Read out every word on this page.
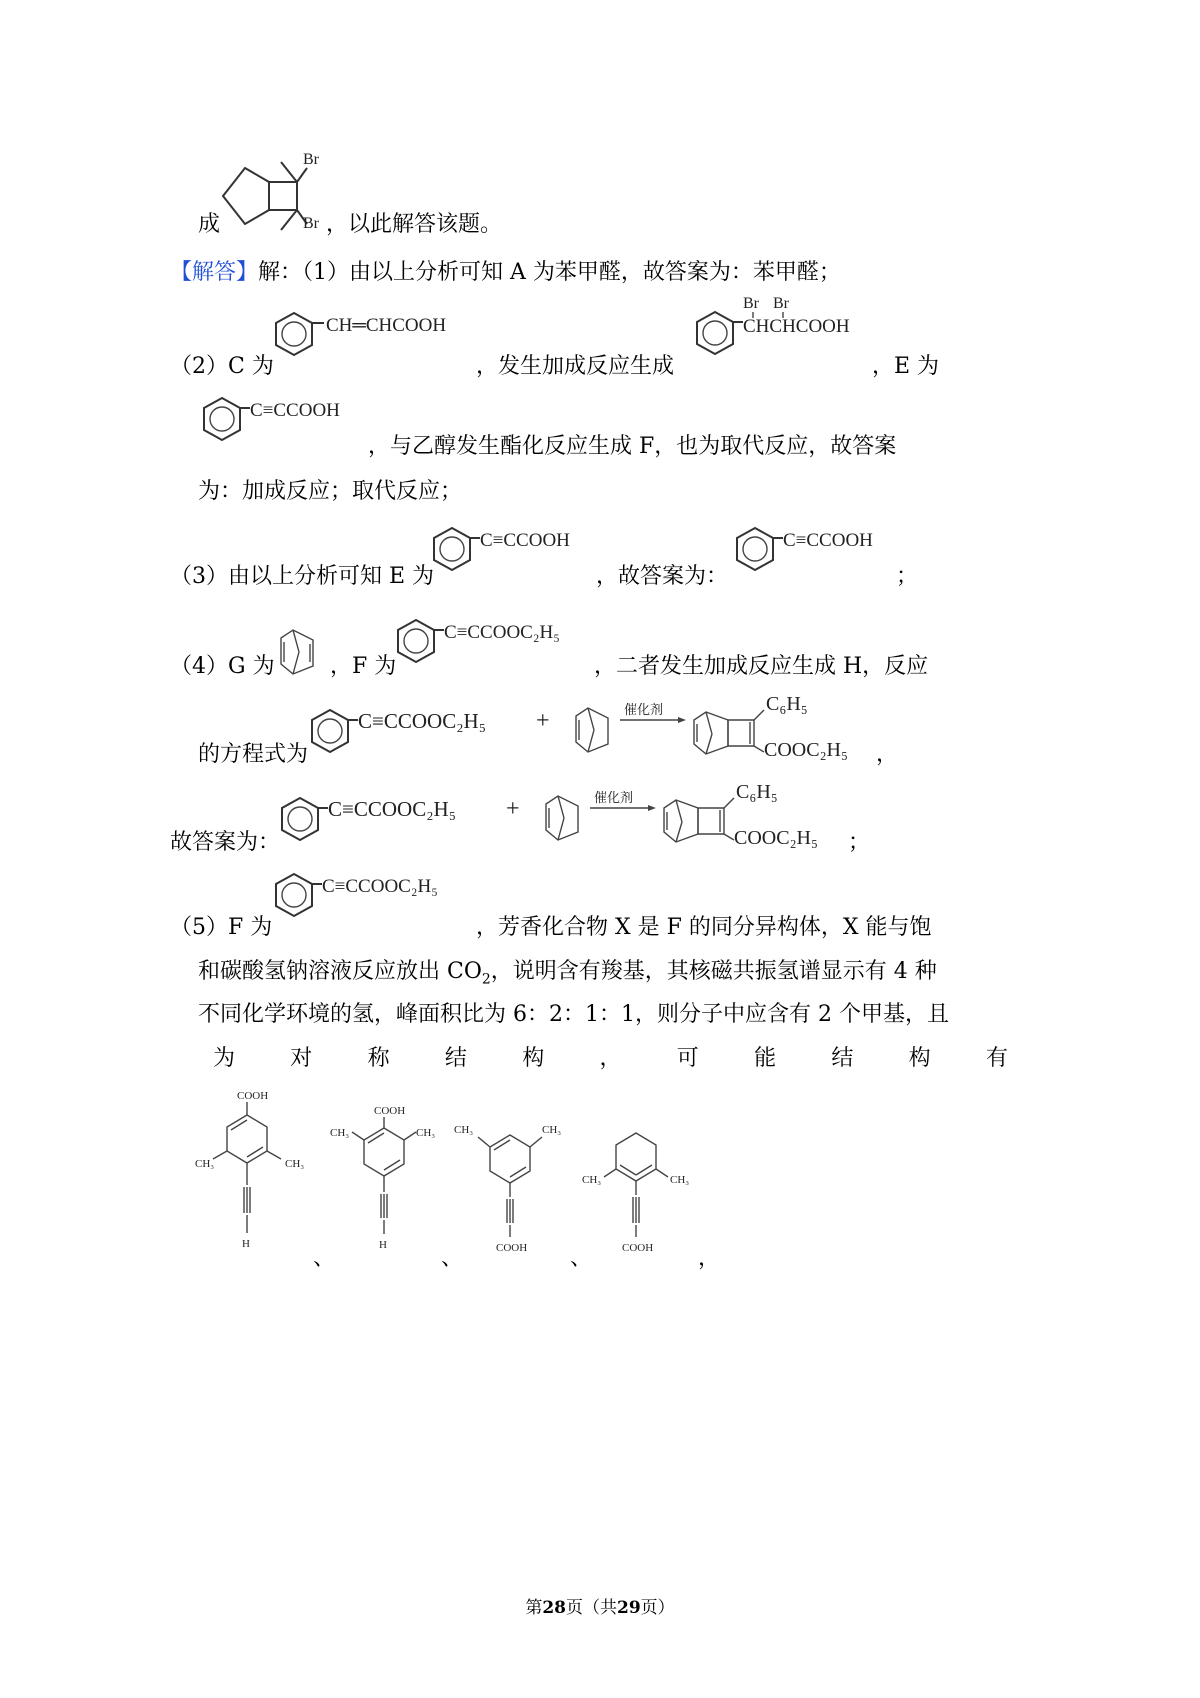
Br
Br
成	，以此解答该题。
【解答】解：（1）由以上分析可知 A 为苯甲醛，故答案为：苯甲醛；
（2）C 为
CH═CHCOOH
，发生加成反应生成
Br Br
CHCHCOOH
，E 为
C≡CCOOH
，与乙醇发生酯化反应生成 F，也为取代反应，故答案
为：加成反应；取代反应；
（3）由以上分析可知 E 为
C≡CCOOH
，故答案为：
C≡CCOOH
；
（4）G 为	，F 为
C≡CCOOC₂H₅
，二者发生加成反应生成 H，反应
C≡CCOOC₂H₅ +	催化剂	C₆H₅
COOC₂H₅
的方程式为	，
C≡CCOOC₂H₅ +	催化剂	C₆H₅
COOC₂H₅
故答案为：	；
（5）F 为
C≡CCOOC₂H₅
，芳香化合物 X 是 F 的同分异构体，X 能与饱
和碳酸氢钠溶液反应放出 $CO_2$，说明含有羧基，其核磁共振氢谱显示有 4 种
不同化学环境的氢，峰面积比为 6：2：1：1，则分子中应含有 2 个甲基，且
为	对	称	结	构	，	可	能	结	构	有
COOH
CH₃	CH₃
H
、
COOH
CH₃	CH₃
H
、
CH₃	CH₃
COOH 、
CH₃	CH₃
COOH ，
第28页（共29页）
